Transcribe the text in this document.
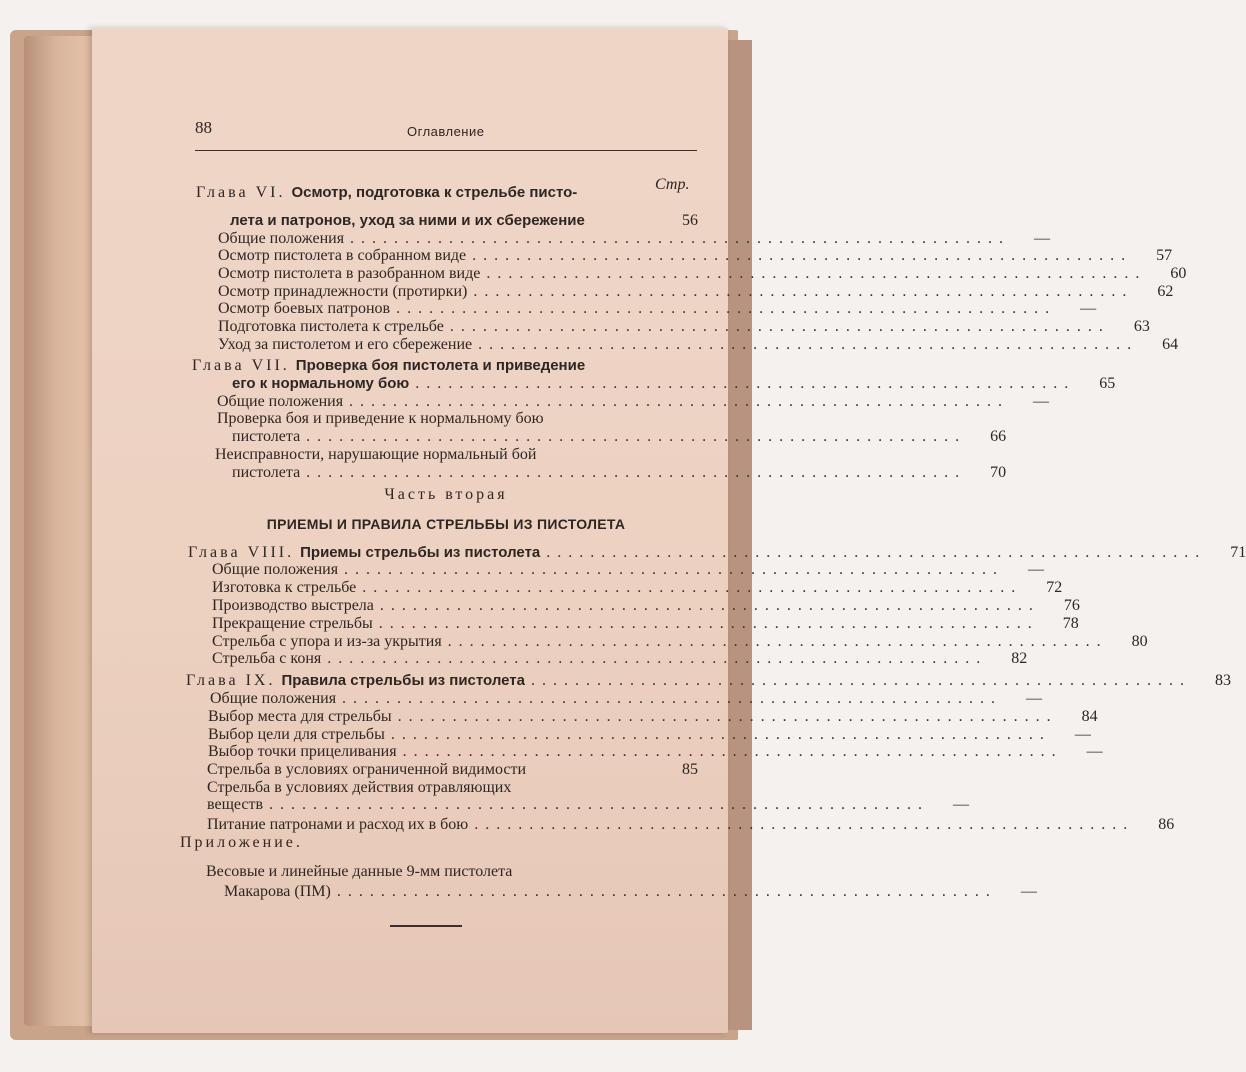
88	Оглавление
Стр.
Глава VI. Осмотр, подготовка к стрельбе писто-
лета и патронов, уход за ними и их сбережение	56
Общие положения ............................................................	—
Осмотр пистолета в собранном виде ............................................................	57
Осмотр пистолета в разобранном виде ............................................................	60
Осмотр принадлежности (протирки) ............................................................	62
Осмотр боевых патронов ............................................................	—
Подготовка пистолета к стрельбе ............................................................	63
Уход за пистолетом и его сбережение ............................................................	64
Глава VII. Проверка боя пистолета и приведение
его к нормальному бою ............................................................	65
Общие положения ............................................................	—
Проверка боя и приведение к нормальному бою
пистолета ............................................................	66
Неисправности, нарушающие нормальный бой
пистолета ............................................................	70
Глава VIII. Приемы стрельбы из пистолета ............................................................	71
Общие положения ............................................................	—
Изготовка к стрельбе ............................................................	72
Производство выстрела ............................................................	76
Прекращение стрельбы ............................................................	78
Стрельба с упора и из-за укрытия ............................................................	80
Стрельба с коня ............................................................	82
Глава IX. Правила стрельбы из пистолета ............................................................	83
Общие положения ............................................................	—
Выбор места для стрельбы ............................................................	84
Выбор цели для стрельбы ............................................................	—
Выбор точки прицеливания ............................................................	—
Стрельба в условиях ограниченной видимости	85
Стрельба в условиях действия отравляющих
веществ ............................................................	—
Питание патронами и расход их в бою ............................................................	86
Весовые и линейные данные 9-мм пистолета
Макарова (ПМ) ............................................................	—
Часть вторая
ПРИЕМЫ И ПРАВИЛА СТРЕЛЬБЫ ИЗ ПИСТОЛЕТА
Приложение.
